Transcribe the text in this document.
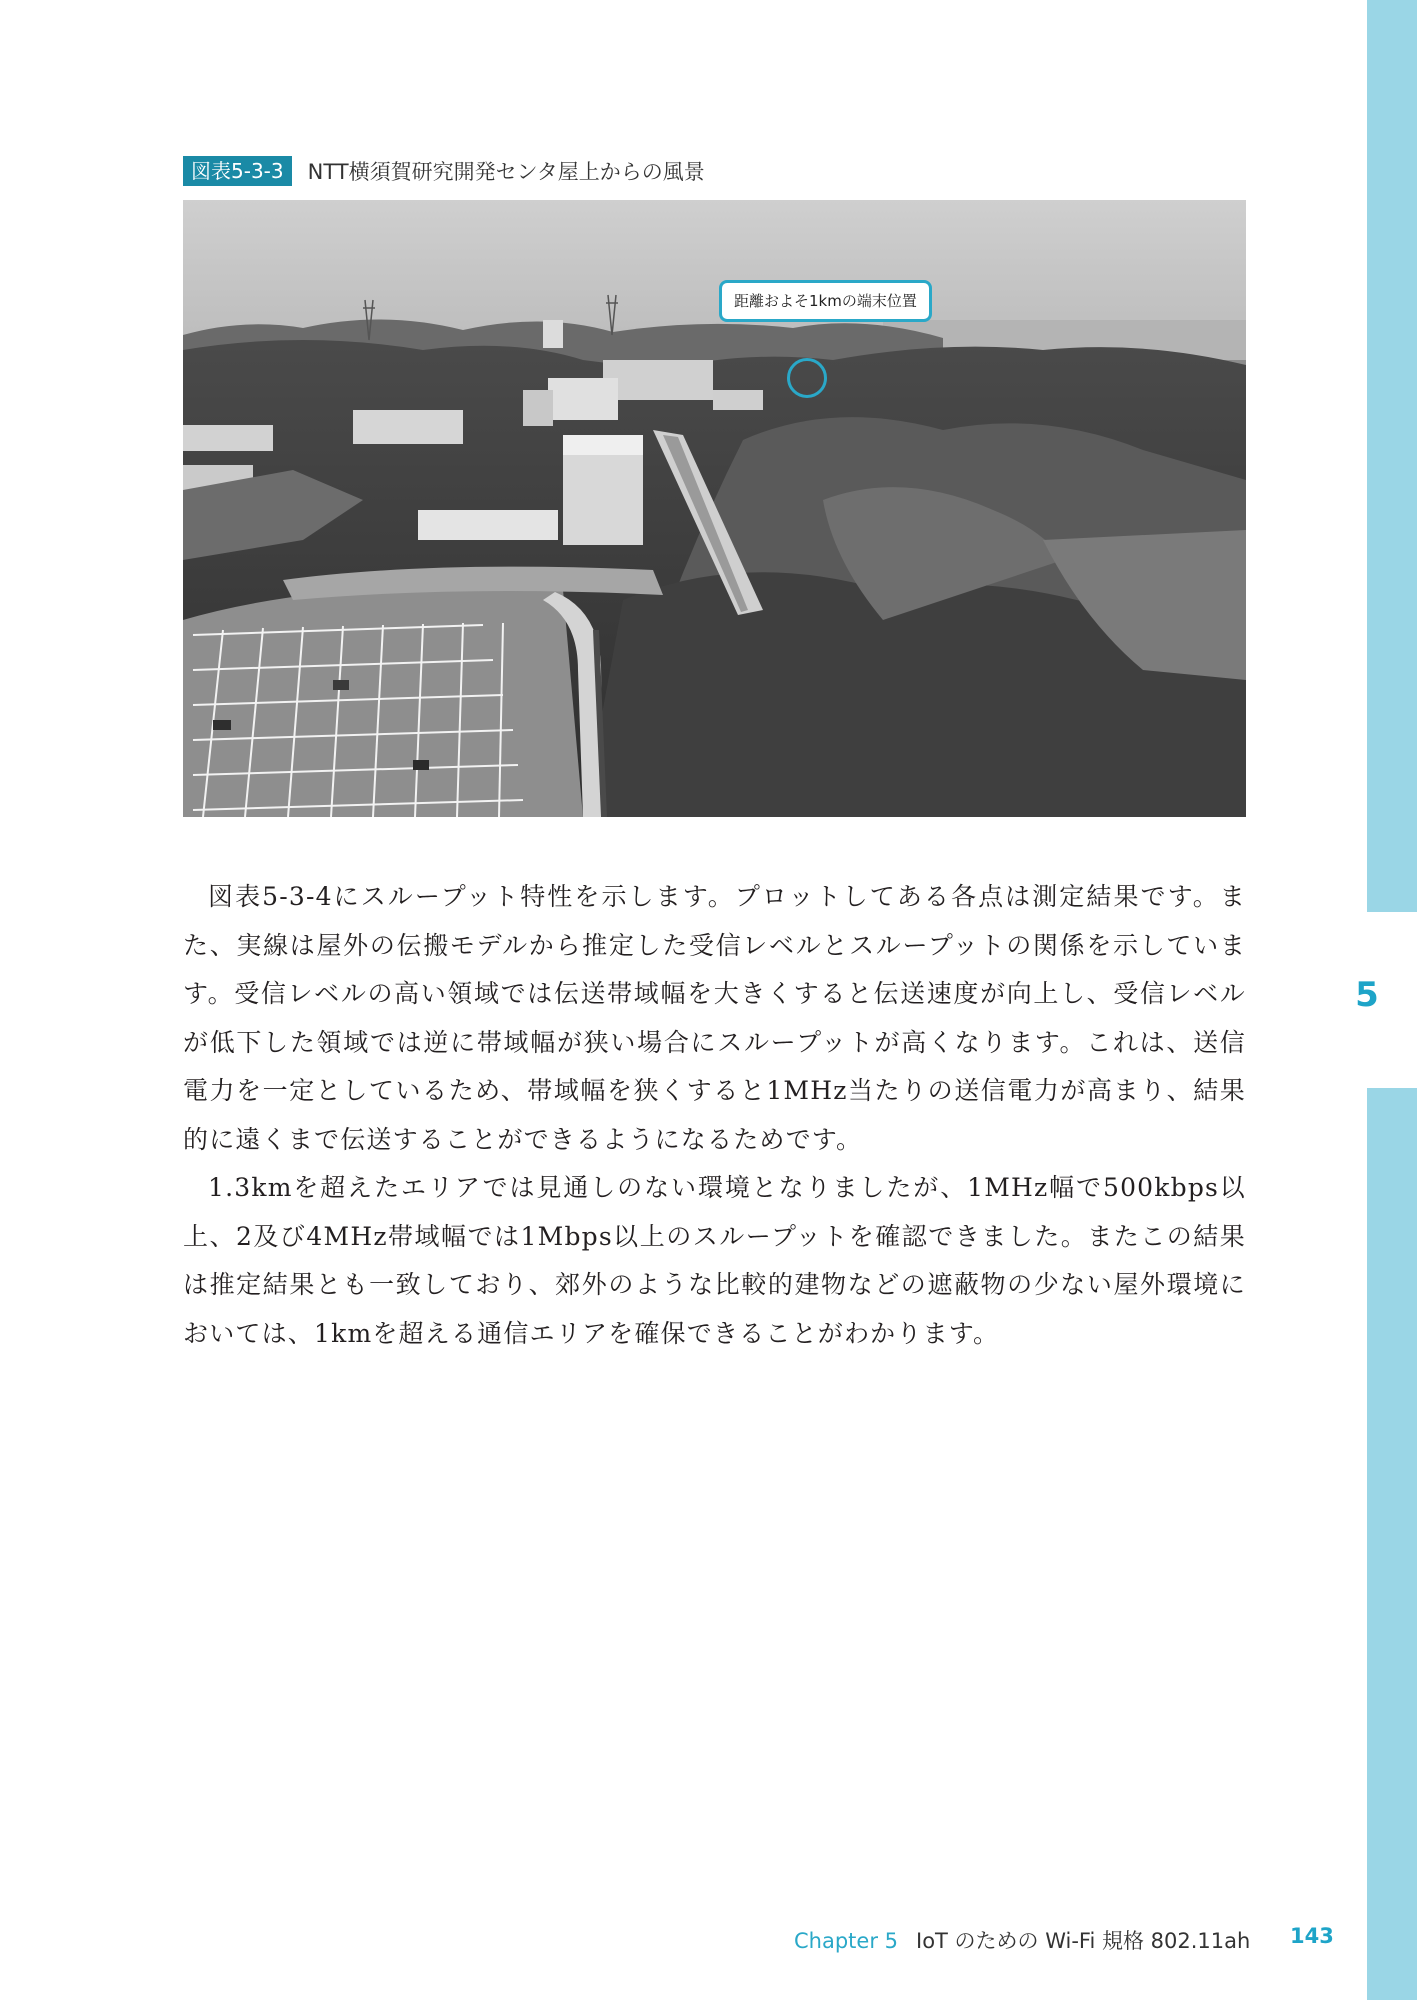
5
図表5-3-3	NTT横須賀研究開発センタ屋上からの風景
距離およそ1kmの端末位置

図表5-3-4にスループット特性を示します。プロットしてある各点は測定結果です。また、実線は屋外の伝搬モデルから推定した受信レベルとスループットの関係を示しています。受信レベルの高い領域では伝送帯域幅を大きくすると伝送速度が向上し、受信レベルが低下した領域では逆に帯域幅が狭い場合にスループットが高くなります。これは、送信電力を一定としているため、帯域幅を狭くすると1MHz当たりの送信電力が高まり、結果的に遠くまで伝送することができるようになるためです。

1.3kmを超えたエリアでは見通しのない環境となりましたが、1MHz幅で500kbps以上、2及び4MHz帯域幅では1Mbps以上のスループットを確認できました。またこの結果は推定結果とも一致しており、郊外のような比較的建物などの遮蔽物の少ない屋外環境においては、1kmを超える通信エリアを確保できることがわかります。

Chapter 5 IoT のための Wi-Fi 規格 802.11ah 143
